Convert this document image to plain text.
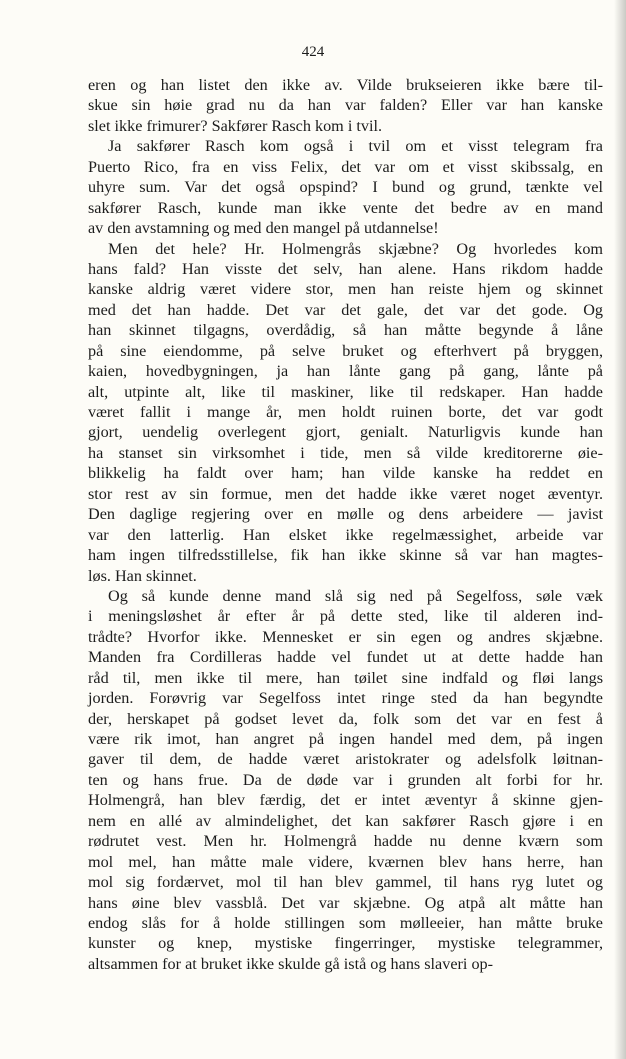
424
eren og han listet den ikke av. Vilde brukseieren ikke bære til-
skue sin høie grad nu da han var falden? Eller var han kanske
slet ikke frimurer? Sakfører Rasch kom i tvil.
Ja sakfører Rasch kom også i tvil om et visst telegram fra
Puerto Rico, fra en viss Felix, det var om et visst skibssalg, en
uhyre sum. Var det også opspind? I bund og grund, tænkte vel
sakfører Rasch, kunde man ikke vente det bedre av en mand
av den avstamning og med den mangel på utdannelse!
Men det hele? Hr. Holmengrås skjæbne? Og hvorledes kom
hans fald? Han visste det selv, han alene. Hans rikdom hadde
kanske aldrig været videre stor, men han reiste hjem og skinnet
med det han hadde. Det var det gale, det var det gode. Og
han skinnet tilgagns, overdådig, så han måtte begynde å låne
på sine eiendomme, på selve bruket og efterhvert på bryggen,
kaien, hovedbygningen, ja han lånte gang på gang, lånte på
alt, utpinte alt, like til maskiner, like til redskaper. Han hadde
været fallit i mange år, men holdt ruinen borte, det var godt
gjort, uendelig overlegent gjort, genialt. Naturligvis kunde han
ha stanset sin virksomhet i tide, men så vilde kreditorerne øie-
blikkelig ha faldt over ham; han vilde kanske ha reddet en
stor rest av sin formue, men det hadde ikke været noget æventyr.
Den daglige regjering over en mølle og dens arbeidere — javist
var den latterlig. Han elsket ikke regelmæssighet, arbeide var
ham ingen tilfredsstillelse, fik han ikke skinne så var han magtes-
løs. Han skinnet.
Og så kunde denne mand slå sig ned på Segelfoss, søle væk
i meningsløshet år efter år på dette sted, like til alderen ind-
trådte? Hvorfor ikke. Mennesket er sin egen og andres skjæbne.
Manden fra Cordilleras hadde vel fundet ut at dette hadde han
råd til, men ikke til mere, han tøilet sine indfald og fløi langs
jorden. Forøvrig var Segelfoss intet ringe sted da han begyndte
der, herskapet på godset levet da, folk som det var en fest å
være rik imot, han angret på ingen handel med dem, på ingen
gaver til dem, de hadde været aristokrater og adelsfolk løitnan-
ten og hans frue. Da de døde var i grunden alt forbi for hr.
Holmengrå, han blev færdig, det er intet æventyr å skinne gjen-
nem en allé av almindelighet, det kan sakfører Rasch gjøre i en
rødrutet vest. Men hr. Holmengrå hadde nu denne kværn som
mol mel, han måtte male videre, kværnen blev hans herre, han
mol sig fordærvet, mol til han blev gammel, til hans ryg lutet og
hans øine blev vassblå. Det var skjæbne. Og atpå alt måtte han
endog slås for å holde stillingen som mølleeier, han måtte bruke
kunster og knep, mystiske fingerringer, mystiske telegrammer,
altsammen for at bruket ikke skulde gå istå og hans slaveri op-
